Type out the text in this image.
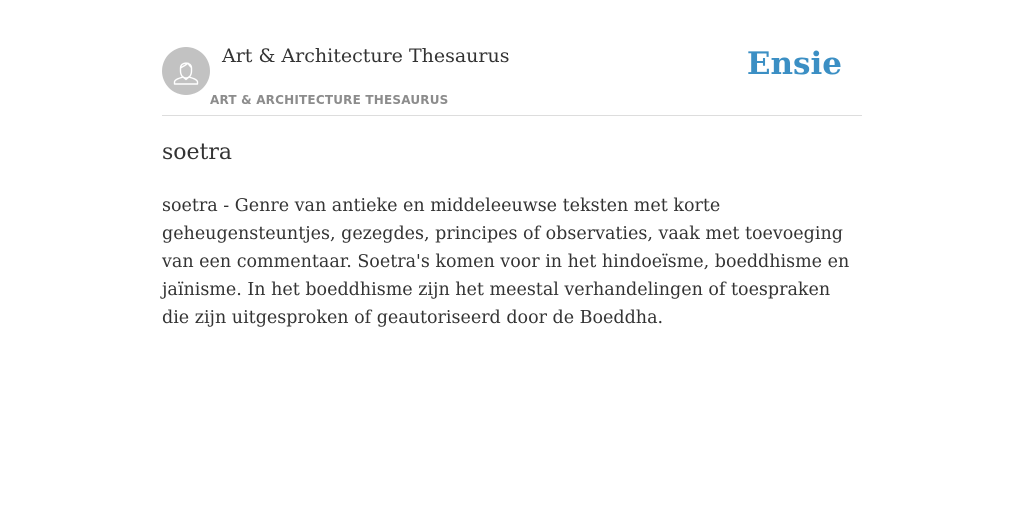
Art & Architecture Thesaurus
ART & ARCHITECTURE THESAURUS
Ensie
soetra

soetra - Genre van antieke en middeleeuwse teksten met korte geheugensteuntjes, gezegdes, principes of observaties, vaak met toevoeging van een commentaar. Soetra's komen voor in het hindoeïsme, boeddhisme en jaïnisme. In het boeddhisme zijn het meestal verhandelingen of toespraken die zijn uitgesproken of geautoriseerd door de Boeddha.
